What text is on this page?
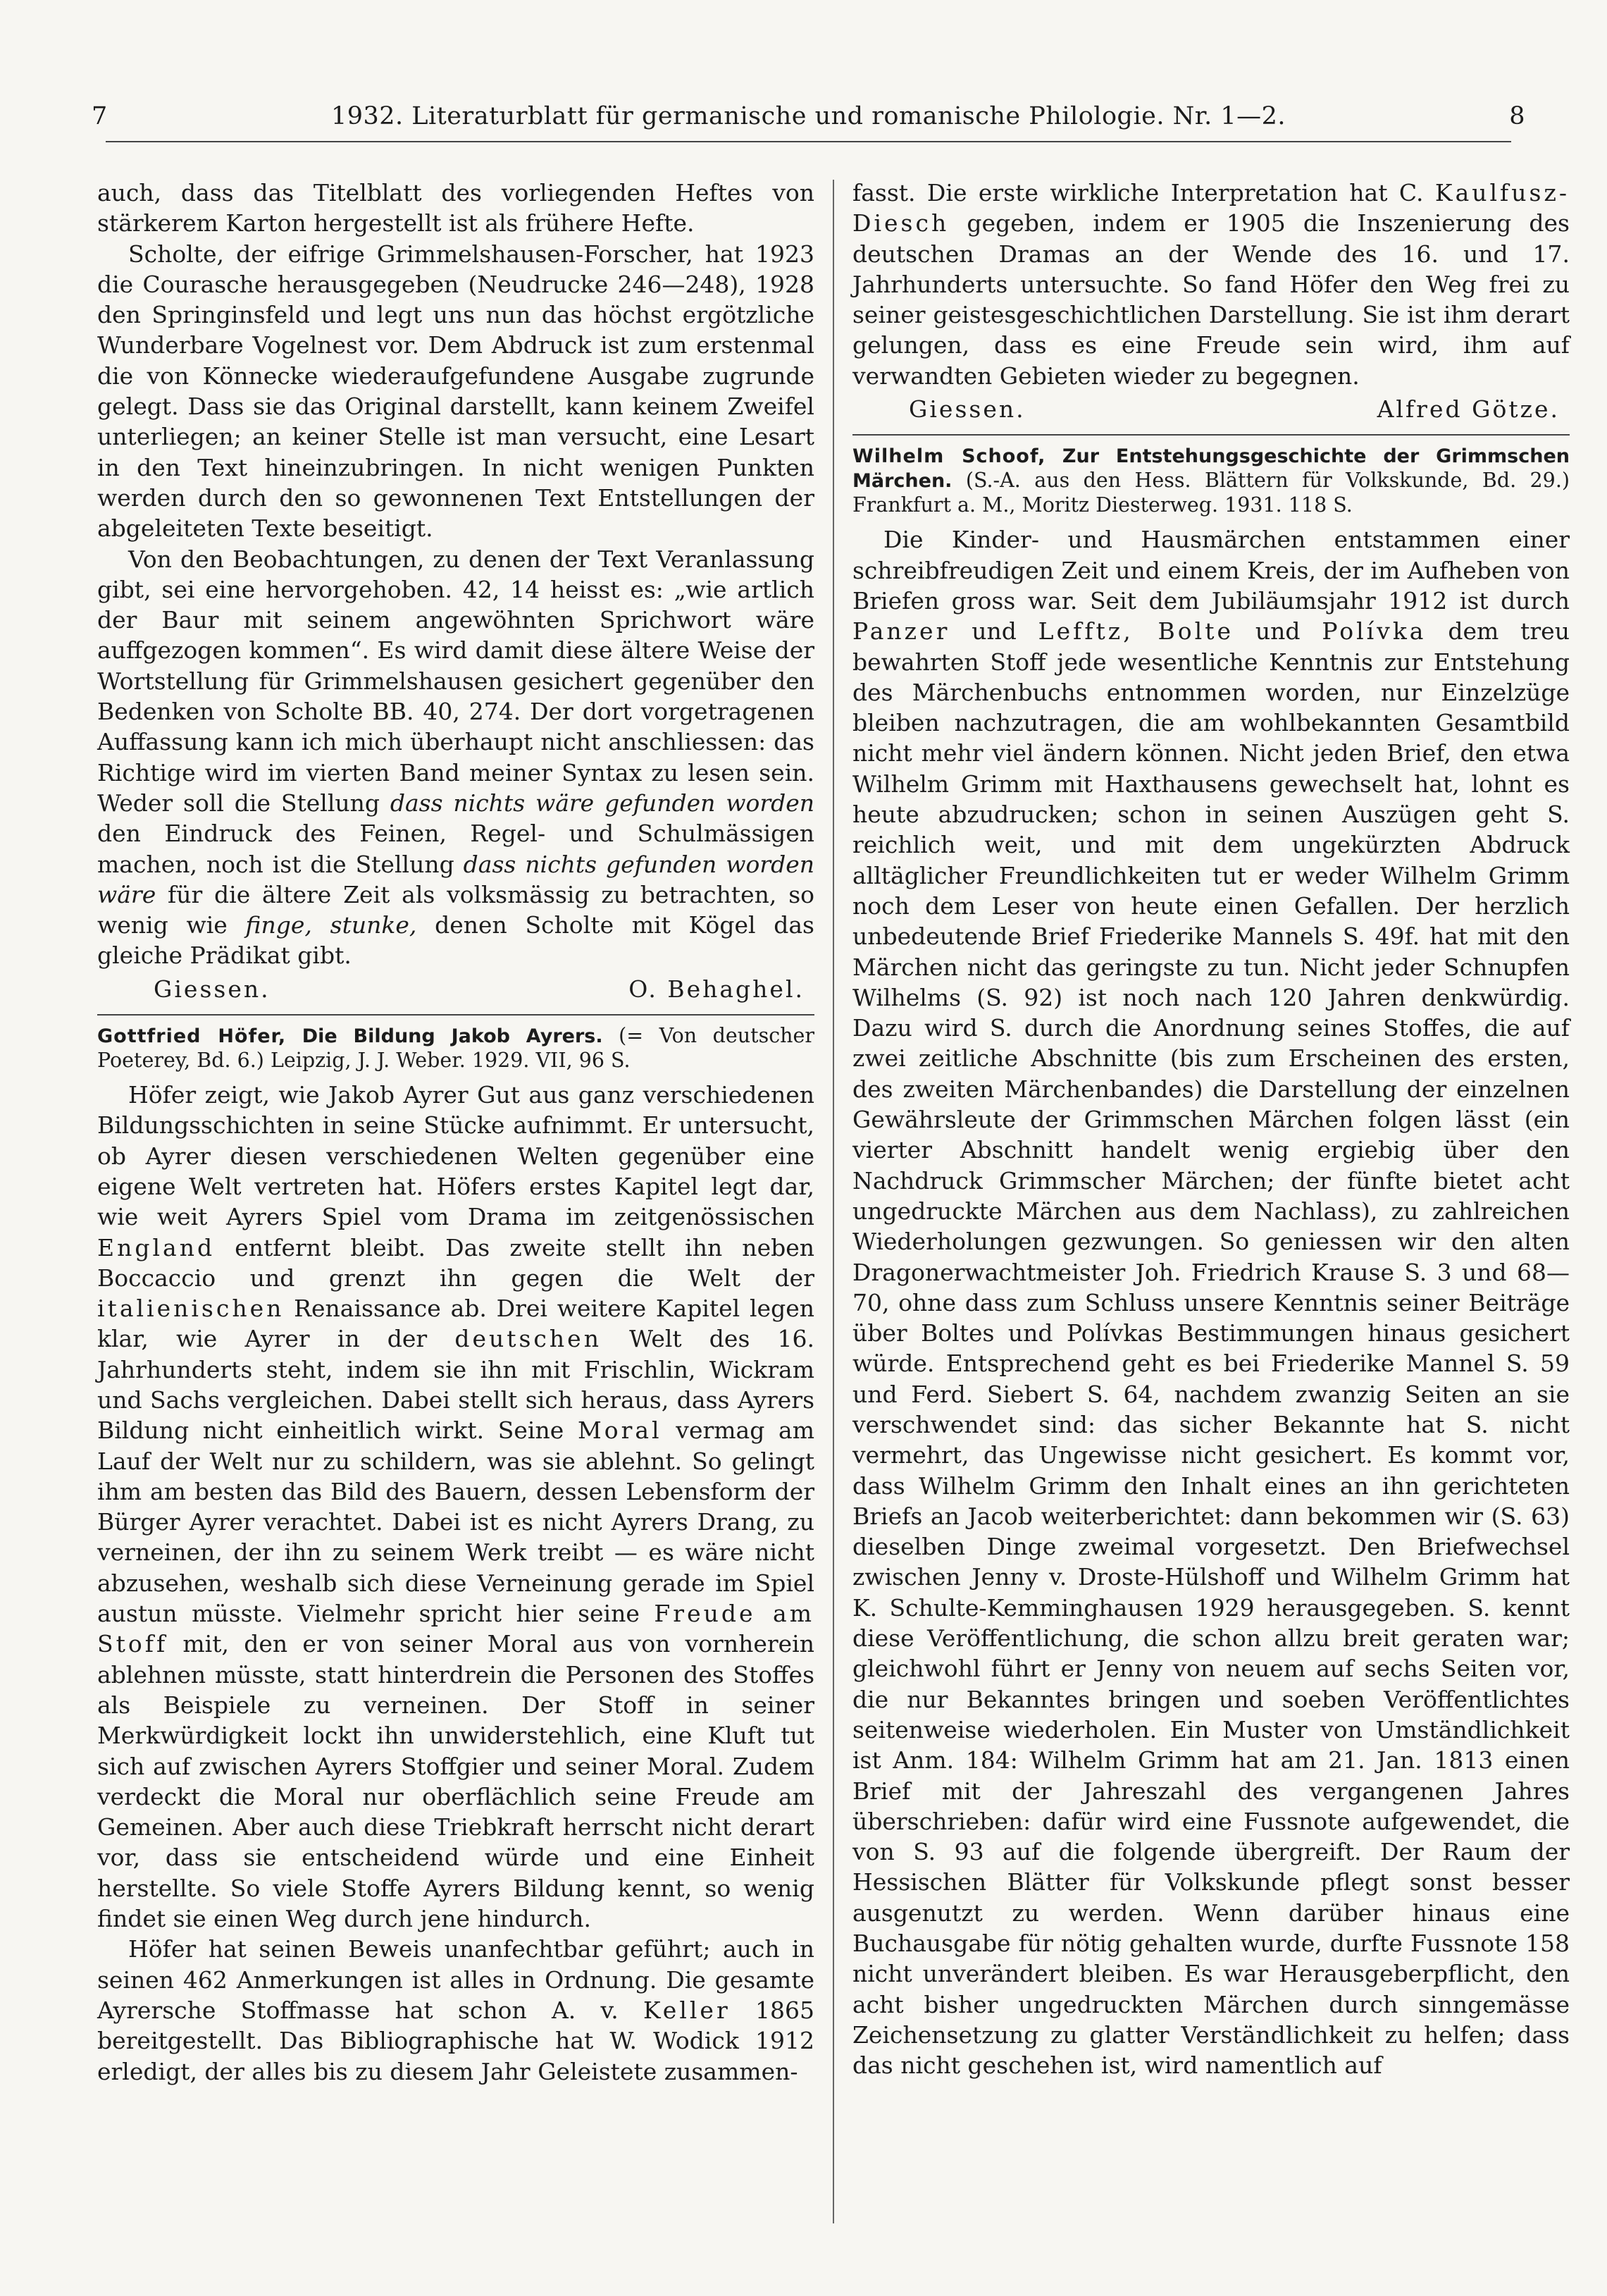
7	1932. Literaturblatt für germanische und romanische Philologie. Nr. 1—2.	8

auch, dass das Titelblatt des vorliegenden Heftes von stärkerem Karton hergestellt ist als frühere Hefte.

Scholte, der eifrige Grimmelshausen-Forscher, hat 1923 die Couraschе herausgegeben (Neudrucke 246—248), 1928 den Springinsfeld und legt uns nun das höchst ergötzliche Wunderbare Vogelnest vor. Dem Abdruck ist zum erstenmal die von Könnecke wiederaufgefundene Ausgabe zugrunde gelegt. Dass sie das Original darstellt, kann keinem Zweifel unterliegen; an keiner Stelle ist man versucht, eine Lesart in den Text hineinzubringen. In nicht wenigen Punkten werden durch den so gewonnenen Text Entstellungen der abgeleiteten Texte beseitigt.

Von den Beobachtungen, zu denen der Text Veranlassung gibt, sei eine hervorgehoben. 42, 14 heisst es: „wie artlich der Baur mit seinem angewöhnten Sprichwort wäre auffgezogen kommen“. Es wird damit diese ältere Weise der Wortstellung für Grimmelshausen gesichert gegenüber den Bedenken von Scholte BB. 40, 274. Der dort vorgetragenen Auffassung kann ich mich überhaupt nicht anschliessen: das Richtige wird im vierten Band meiner Syntax zu lesen sein. Weder soll die Stellung dass nichts wäre gefunden worden den Eindruck des Feinen, Regel- und Schulmässigen machen, noch ist die Stellung dass nichts gefunden worden wäre für die ältere Zeit als volksmässig zu betrachten, so wenig wie finge, stunke, denen Scholte mit Kögel das gleiche Prädikat gibt.

Giessen.	O. Behaghel.
Gottfried Höfer, Die Bildung Jakob Ayrers. (= Von deutscher Poeterey, Bd. 6.) Leipzig, J. J. Weber. 1929. VII, 96 S.

Höfer zeigt, wie Jakob Ayrer Gut aus ganz verschiedenen Bildungsschichten in seine Stücke aufnimmt. Er untersucht, ob Ayrer diesen verschiedenen Welten gegenüber eine eigene Welt vertreten hat. Höfers erstes Kapitel legt dar, wie weit Ayrers Spiel vom Drama im zeitgenössischen England entfernt bleibt. Das zweite stellt ihn neben Boccaccio und grenzt ihn gegen die Welt der italienischen Renaissance ab. Drei weitere Kapitel legen klar, wie Ayrer in der deutschen Welt des 16. Jahrhunderts steht, indem sie ihn mit Frischlin, Wickram und Sachs vergleichen. Dabei stellt sich heraus, dass Ayrers Bildung nicht einheitlich wirkt. Seine Moral vermag am Lauf der Welt nur zu schildern, was sie ablehnt. So gelingt ihm am besten das Bild des Bauern, dessen Lebensform der Bürger Ayrer verachtet. Dabei ist es nicht Ayrers Drang, zu verneinen, der ihn zu seinem Werk treibt — es wäre nicht abzusehen, weshalb sich diese Verneinung gerade im Spiel austun müsste. Vielmehr spricht hier seine Freude am Stoff mit, den er von seiner Moral aus von vornherein ablehnen müsste, statt hinterdrein die Personen des Stoffes als Beispiele zu verneinen. Der Stoff in seiner Merkwürdigkeit lockt ihn unwiderstehlich, eine Kluft tut sich auf zwischen Ayrers Stoffgier und seiner Moral. Zudem verdeckt die Moral nur oberflächlich seine Freude am Gemeinen. Aber auch diese Triebkraft herrscht nicht derart vor, dass sie entscheidend würde und eine Einheit herstellte. So viele Stoffe Ayrers Bildung kennt, so wenig findet sie einen Weg durch jene hindurch.

Höfer hat seinen Beweis unanfechtbar geführt; auch in seinen 462 Anmerkungen ist alles in Ordnung. Die gesamte Ayrersche Stoffmasse hat schon A. v. Keller 1865 bereitgestellt. Das Bibliographische hat W. Wodick 1912 erledigt, der alles bis zu diesem Jahr Geleistete zusammen-

fasst. Die erste wirkliche Interpretation hat C. Kaulfusz-Diesch gegeben, indem er 1905 die Inszenierung des deutschen Dramas an der Wende des 16. und 17. Jahrhunderts untersuchte. So fand Höfer den Weg frei zu seiner geistesgeschichtlichen Darstellung. Sie ist ihm derart gelungen, dass es eine Freude sein wird, ihm auf verwandten Gebieten wieder zu begegnen.

Giessen.	Alfred Götze.
Wilhelm Schoof, Zur Entstehungsgeschichte der Grimmschen Märchen. (S.-A. aus den Hess. Blättern für Volkskunde, Bd. 29.) Frankfurt a. M., Moritz Diesterweg. 1931. 118 S.

Die Kinder- und Hausmärchen entstammen einer schreibfreudigen Zeit und einem Kreis, der im Aufheben von Briefen gross war. Seit dem Jubiläumsjahr 1912 ist durch Panzer und Lefftz, Bolte und Polívka dem treu bewahrten Stoff jede wesentliche Kenntnis zur Entstehung des Märchenbuchs entnommen worden, nur Einzelzüge bleiben nachzutragen, die am wohlbekannten Gesamtbild nicht mehr viel ändern können. Nicht jeden Brief, den etwa Wilhelm Grimm mit Haxthausens gewechselt hat, lohnt es heute abzudrucken; schon in seinen Auszügen geht S. reichlich weit, und mit dem ungekürzten Abdruck alltäglicher Freundlichkeiten tut er weder Wilhelm Grimm noch dem Leser von heute einen Gefallen. Der herzlich unbedeutende Brief Friederike Mannels S. 49f. hat mit den Märchen nicht das geringste zu tun. Nicht jeder Schnupfen Wilhelms (S. 92) ist noch nach 120 Jahren denkwürdig. Dazu wird S. durch die Anordnung seines Stoffes, die auf zwei zeitliche Abschnitte (bis zum Erscheinen des ersten, des zweiten Märchenbandes) die Darstellung der einzelnen Gewährsleute der Grimmschen Märchen folgen lässt (ein vierter Abschnitt handelt wenig ergiebig über den Nachdruck Grimmscher Märchen; der fünfte bietet acht ungedruckte Märchen aus dem Nachlass), zu zahlreichen Wiederholungen gezwungen. So geniessen wir den alten Dragonerwachtmeister Joh. Friedrich Krause S. 3 und 68—70, ohne dass zum Schluss unsere Kenntnis seiner Beiträge über Boltes und Polívkas Bestimmungen hinaus gesichert würde. Entsprechend geht es bei Friederike Mannel S. 59 und Ferd. Siebert S. 64, nachdem zwanzig Seiten an sie verschwendet sind: das sicher Bekannte hat S. nicht vermehrt, das Ungewisse nicht gesichert. Es kommt vor, dass Wilhelm Grimm den Inhalt eines an ihn gerichteten Briefs an Jacob weiterberichtet: dann bekommen wir (S. 63) dieselben Dinge zweimal vorgesetzt. Den Briefwechsel zwischen Jenny v. Droste-Hülshoff und Wilhelm Grimm hat K. Schulte-Kemminghausen 1929 herausgegeben. S. kennt diese Veröffentlichung, die schon allzu breit geraten war; gleichwohl führt er Jenny von neuem auf sechs Seiten vor, die nur Bekanntes bringen und soeben Veröffentlichtes seitenweise wiederholen. Ein Muster von Umständlichkeit ist Anm. 184: Wilhelm Grimm hat am 21. Jan. 1813 einen Brief mit der Jahreszahl des vergangenen Jahres überschrieben: dafür wird eine Fussnote aufgewendet, die von S. 93 auf die folgende übergreift. Der Raum der Hessischen Blätter für Volkskunde pflegt sonst besser ausgenutzt zu werden. Wenn darüber hinaus eine Buchausgabe für nötig gehalten wurde, durfte Fussnote 158 nicht unverändert bleiben. Es war Herausgeberpflicht, den acht bisher ungedruckten Märchen durch sinngemässe Zeichensetzung zu glatter Verständlichkeit zu helfen; dass das nicht geschehen ist, wird namentlich auf
